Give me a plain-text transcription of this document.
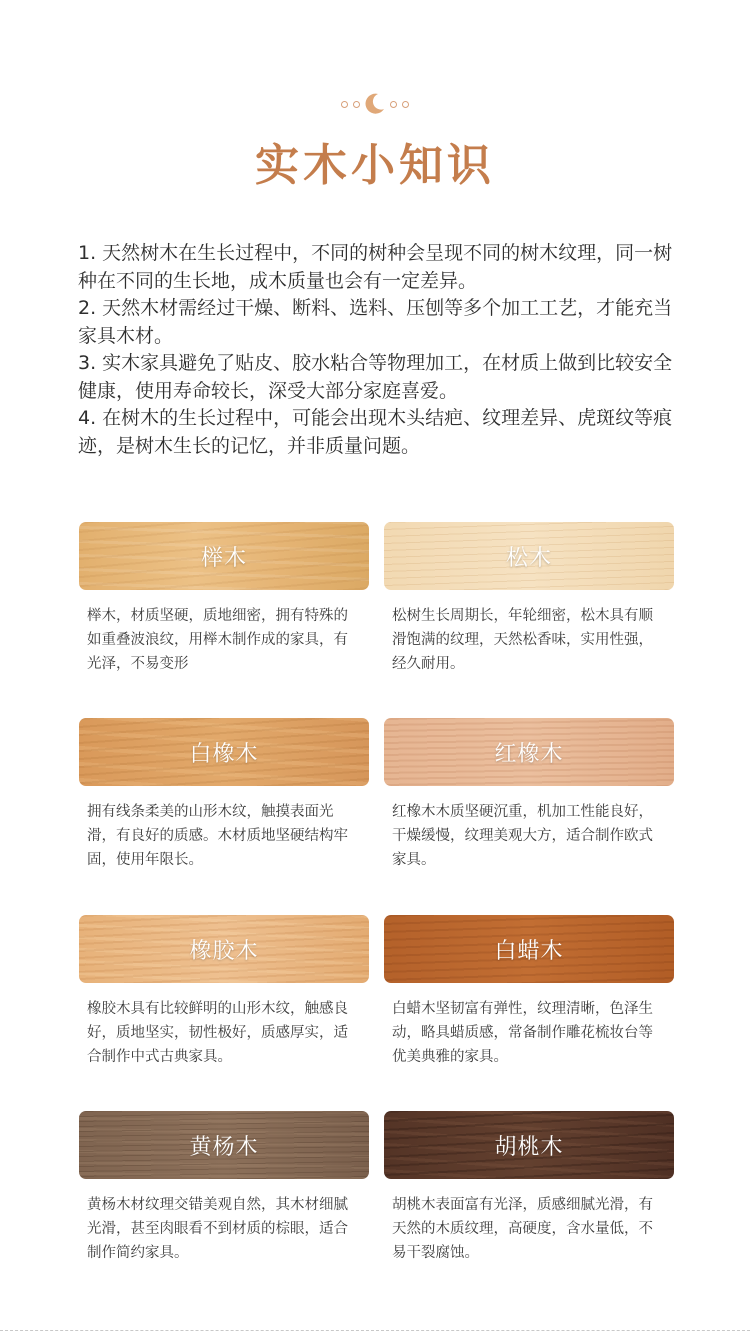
实木小知识

1. 天然树木在生长过程中，不同的树种会呈现不同的树木纹理，同一树种在不同的生长地，成木质量也会有一定差异。

2. 天然木材需经过干燥、断料、选料、压刨等多个加工工艺，才能充当家具木材。

3. 实木家具避免了贴皮、胶水粘合等物理加工，在材质上做到比较安全健康，使用寿命较长，深受大部分家庭喜爱。

4. 在树木的生长过程中，可能会出现木头结疤、纹理差异、虎斑纹等痕迹，是树木生长的记忆，并非质量问题。

榉木
榉木，材质坚硬，质地细密，拥有特殊的如重叠波浪纹，用榉木制作成的家具，有光泽，不易变形
松木
松树生长周期长，年轮细密，松木具有顺滑饱满的纹理，天然松香味，实用性强，经久耐用。
白橡木
拥有线条柔美的山形木纹，触摸表面光滑，有良好的质感。木材质地坚硬结构牢固，使用年限长。
红橡木
红橡木木质坚硬沉重，机加工性能良好，干燥缓慢，纹理美观大方，适合制作欧式家具。
橡胶木
橡胶木具有比较鲜明的山形木纹，触感良好，质地坚实，韧性极好，质感厚实，适合制作中式古典家具。
白蜡木
白蜡木坚韧富有弹性，纹理清晰，色泽生动，略具蜡质感，常备制作雕花梳妆台等优美典雅的家具。
黄杨木
黄杨木材纹理交错美观自然，其木材细腻光滑，甚至肉眼看不到材质的棕眼，适合制作简约家具。
胡桃木
胡桃木表面富有光泽，质感细腻光滑，有天然的木质纹理，高硬度，含水量低，不易干裂腐蚀。
